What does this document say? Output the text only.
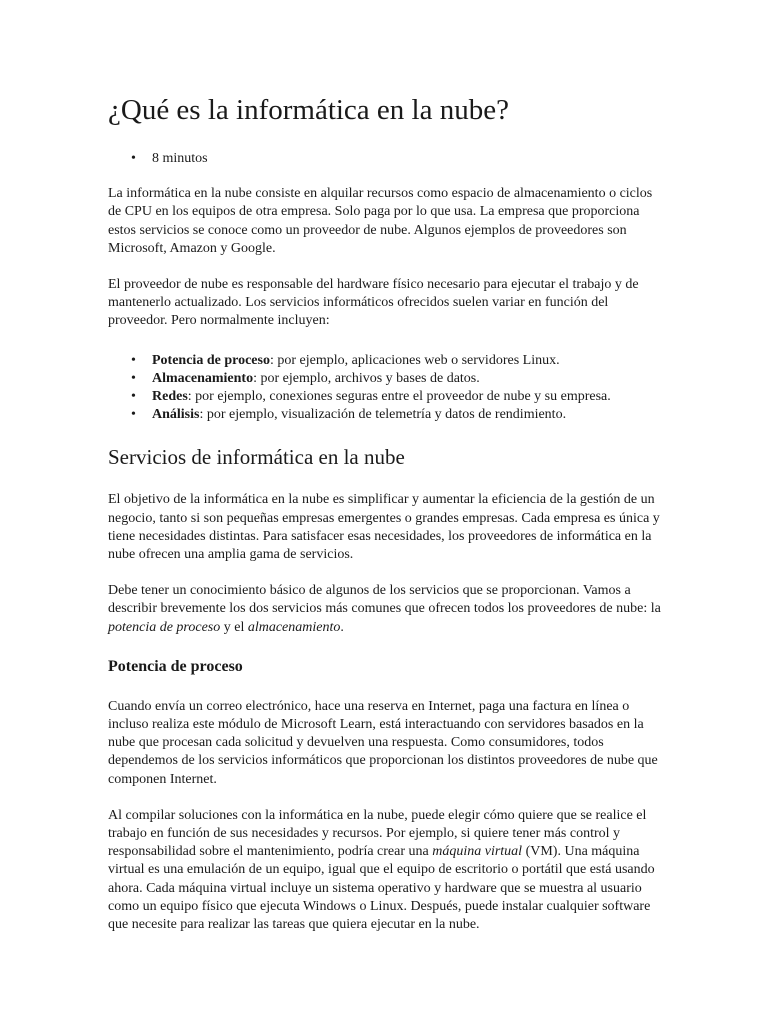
¿Qué es la informática en la nube?
• 8 minutos

La informática en la nube consiste en alquilar recursos como espacio de almacenamiento o ciclos de CPU en los equipos de otra empresa. Solo paga por lo que usa. La empresa que proporciona estos servicios se conoce como un proveedor de nube. Algunos ejemplos de proveedores son Microsoft, Amazon y Google.

El proveedor de nube es responsable del hardware físico necesario para ejecutar el trabajo y de mantenerlo actualizado. Los servicios informáticos ofrecidos suelen variar en función del proveedor. Pero normalmente incluyen:

• Potencia de proceso: por ejemplo, aplicaciones web o servidores Linux.
• Almacenamiento: por ejemplo, archivos y bases de datos.
• Redes: por ejemplo, conexiones seguras entre el proveedor de nube y su empresa.
• Análisis: por ejemplo, visualización de telemetría y datos de rendimiento.
Servicios de informática en la nube

El objetivo de la informática en la nube es simplificar y aumentar la eficiencia de la gestión de un negocio, tanto si son pequeñas empresas emergentes o grandes empresas. Cada empresa es única y tiene necesidades distintas. Para satisfacer esas necesidades, los proveedores de informática en la nube ofrecen una amplia gama de servicios.

Debe tener un conocimiento básico de algunos de los servicios que se proporcionan. Vamos a describir brevemente los dos servicios más comunes que ofrecen todos los proveedores de nube: la potencia de proceso y el almacenamiento.

Potencia de proceso

Cuando envía un correo electrónico, hace una reserva en Internet, paga una factura en línea o incluso realiza este módulo de Microsoft Learn, está interactuando con servidores basados en la nube que procesan cada solicitud y devuelven una respuesta. Como consumidores, todos dependemos de los servicios informáticos que proporcionan los distintos proveedores de nube que componen Internet.

Al compilar soluciones con la informática en la nube, puede elegir cómo quiere que se realice el trabajo en función de sus necesidades y recursos. Por ejemplo, si quiere tener más control y responsabilidad sobre el mantenimiento, podría crear una máquina virtual (VM). Una máquina virtual es una emulación de un equipo, igual que el equipo de escritorio o portátil que está usando ahora. Cada máquina virtual incluye un sistema operativo y hardware que se muestra al usuario como un equipo físico que ejecuta Windows o Linux. Después, puede instalar cualquier software que necesite para realizar las tareas que quiera ejecutar en la nube.
